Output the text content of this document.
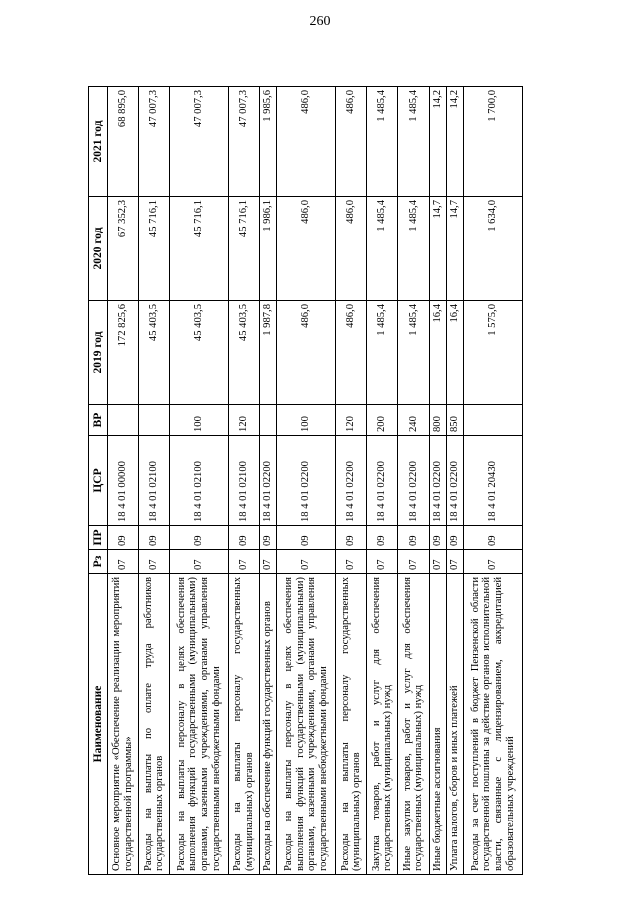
260
Наименование	Рз	ПР	ЦСР	ВР	2019 год	2020 год	2021 год
Основное мероприятие «Обеспечение реализации мероприятий государственной программы»	07	09	18 4 01 00000		172 825,6	67 352,3	68 895,0
Расходы на выплаты по оплате труда работников государственных органов	07	09	18 4 01 02100		45 403,5	45 716,1	47 007,3
Расходы на выплаты персоналу в целях обеспечения выполнения функций государственными (муниципальными) органами, казенными учреждениями, органами управления государственными внебюджетными фондами	07	09	18 4 01 02100	100	45 403,5	45 716,1	47 007,3
Расходы на выплаты персоналу государственных (муниципальных) органов	07	09	18 4 01 02100	120	45 403,5	45 716,1	47 007,3
Расходы на обеспечение функций государственных органов	07	09	18 4 01 02200		1 987,8	1 986,1	1 985,6
Расходы на выплаты персоналу в целях обеспечения выполнения функций государственными (муниципальными) органами, казенными учреждениями, органами управления государственными внебюджетными фондами	07	09	18 4 01 02200	100	486,0	486,0	486,0
Расходы на выплаты персоналу государственных (муниципальных) органов	07	09	18 4 01 02200	120	486,0	486,0	486,0
Закупка товаров, работ и услуг для обеспечения государственных (муниципальных) нужд	07	09	18 4 01 02200	200	1 485,4	1 485,4	1 485,4
Иные закупки товаров, работ и услуг для обеспечения государственных (муниципальных) нужд	07	09	18 4 01 02200	240	1 485,4	1 485,4	1 485,4
Иные бюджетные ассигнования	07	09	18 4 01 02200	800	16,4	14,7	14,2
Уплата налогов, сборов и иных платежей	07	09	18 4 01 02200	850	16,4	14,7	14,2
Расходы за счет поступлений в бюджет Пензенской области государственной пошлины за действие органов исполнительной власти, связанные с лицензированием, аккредитацией образовательных учреждений	07	09	18 4 01 20430		1 575,0	1 634,0	1 700,0
